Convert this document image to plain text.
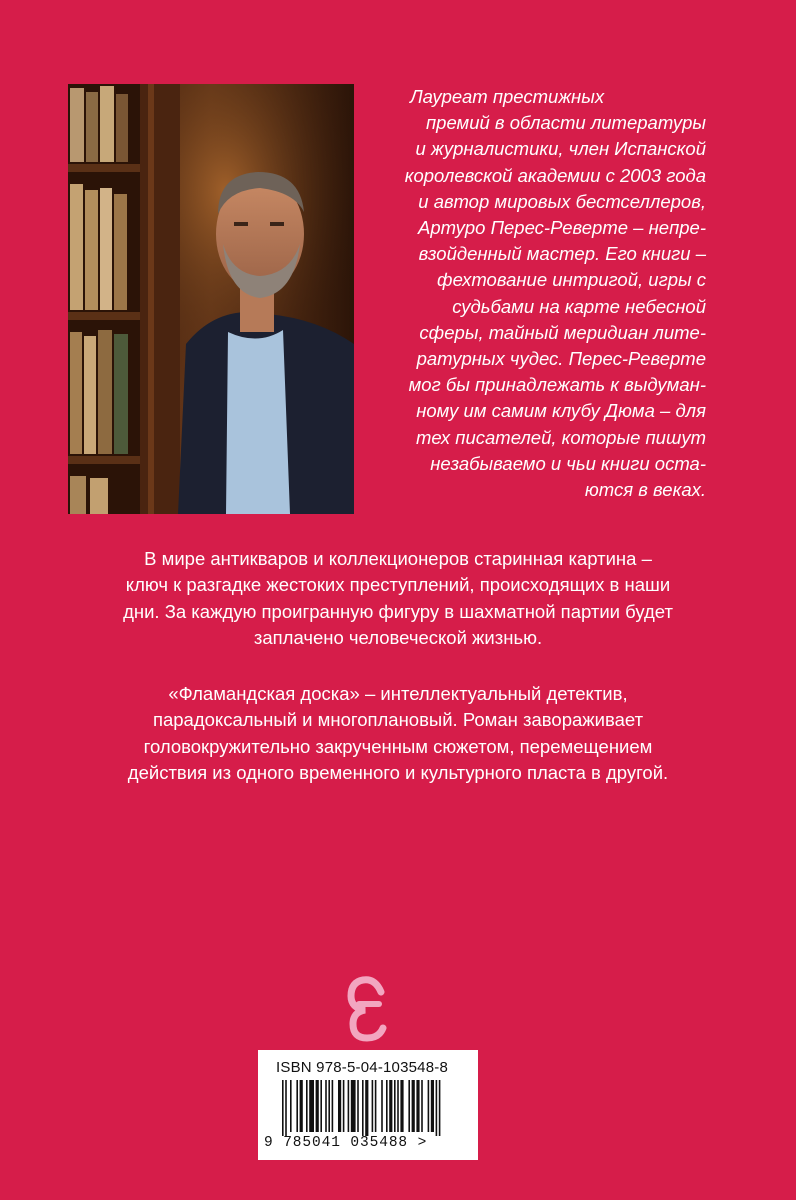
Лауреат престижных
премий в области литературы
и журналистики, член Испанской
королевской академии с 2003 года
и автор мировых бестселлеров,
Артуро Перес-Реверте – непре-
взойденный мастер. Его книги –
фехтование интригой, игры с
судьбами на карте небесной
сферы, тайный меридиан лите-
ратурных чудес. Перес-Реверте
мог бы принадлежать к выдуман-
ному им самим клубу Дюма – для
тех писателей, которые пишут
незабываемо и чьи книги оста-
ются в веках.

В мире антикваров и коллекционеров старинная картина –
ключ к разгадке жестоких преступлений, происходящих в наши
дни. За каждую проигранную фигуру в шахматной партии будет
заплачено человеческой жизнью.

«Фламандская доска» – интеллектуальный детектив,
парадоксальный и многоплановый. Роман завораживает
головокружительно закрученным сюжетом, перемещением
действия из одного временного и культурного пласта в другой.

ISBN 978-5-04-103548-8
9 785041 035488 >
